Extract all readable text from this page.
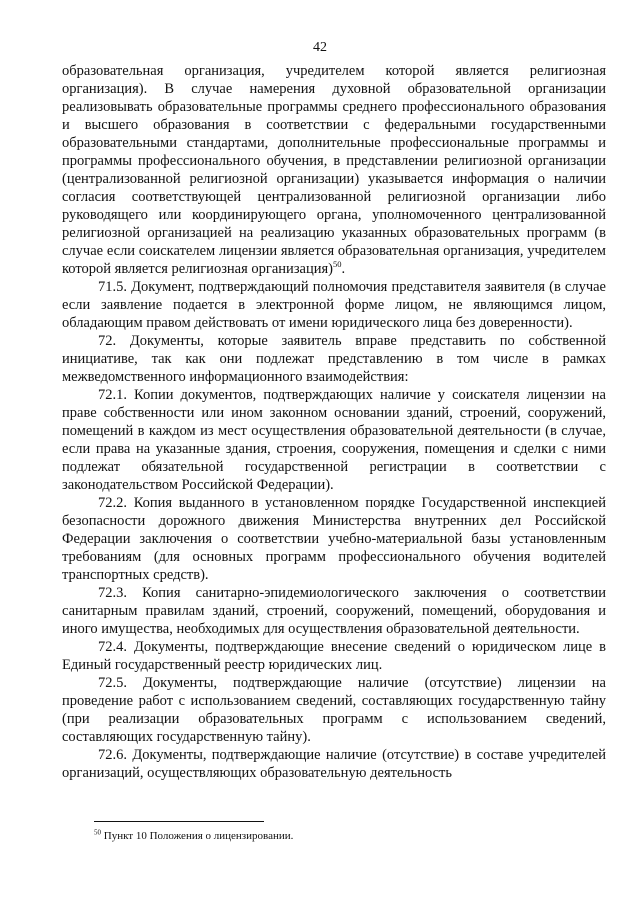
42

образовательная организация, учредителем которой является религиозная организация). В случае намерения духовной образовательной организации реализовывать образовательные программы среднего профессионального образования и высшего образования в соответствии с федеральными государственными образовательными стандартами, дополнительные профессиональные программы и программы профессионального обучения, в представлении религиозной организации (централизованной религиозной организации) указывается информация о наличии согласия соответствующей централизованной религиозной организации либо руководящего или координирующего органа, уполномоченного централизованной религиозной организацией на реализацию указанных образовательных программ (в случае если соискателем лицензии является образовательная организация, учредителем которой является религиозная организация)$^{50}$.

71.5. Документ, подтверждающий полномочия представителя заявителя (в случае если заявление подается в электронной форме лицом, не являющимся лицом, обладающим правом действовать от имени юридического лица без доверенности).

72. Документы, которые заявитель вправе представить по собственной инициативе, так как они подлежат представлению в том числе в рамках межведомственного информационного взаимодействия:

72.1. Копии документов, подтверждающих наличие у соискателя лицензии на праве собственности или ином законном основании зданий, строений, сооружений, помещений в каждом из мест осуществления образовательной деятельности (в случае, если права на указанные здания, строения, сооружения, помещения и сделки с ними подлежат обязательной государственной регистрации в соответствии с законодательством Российской Федерации).

72.2. Копия выданного в установленном порядке Государственной инспекцией безопасности дорожного движения Министерства внутренних дел Российской Федерации заключения о соответствии учебно-материальной базы установленным требованиям (для основных программ профессионального обучения водителей транспортных средств).

72.3. Копия санитарно-эпидемиологического заключения о соответствии санитарным правилам зданий, строений, сооружений, помещений, оборудования и иного имущества, необходимых для осуществления образовательной деятельности.

72.4. Документы, подтверждающие внесение сведений о юридическом лице в Единый государственный реестр юридических лиц.

72.5. Документы, подтверждающие наличие (отсутствие) лицензии на проведение работ с использованием сведений, составляющих государственную тайну (при реализации образовательных программ с использованием сведений, составляющих государственную тайну).

72.6. Документы, подтверждающие наличие (отсутствие) в составе учредителей организаций, осуществляющих образовательную деятельность

$^{50}$ Пункт 10 Положения о лицензировании.
